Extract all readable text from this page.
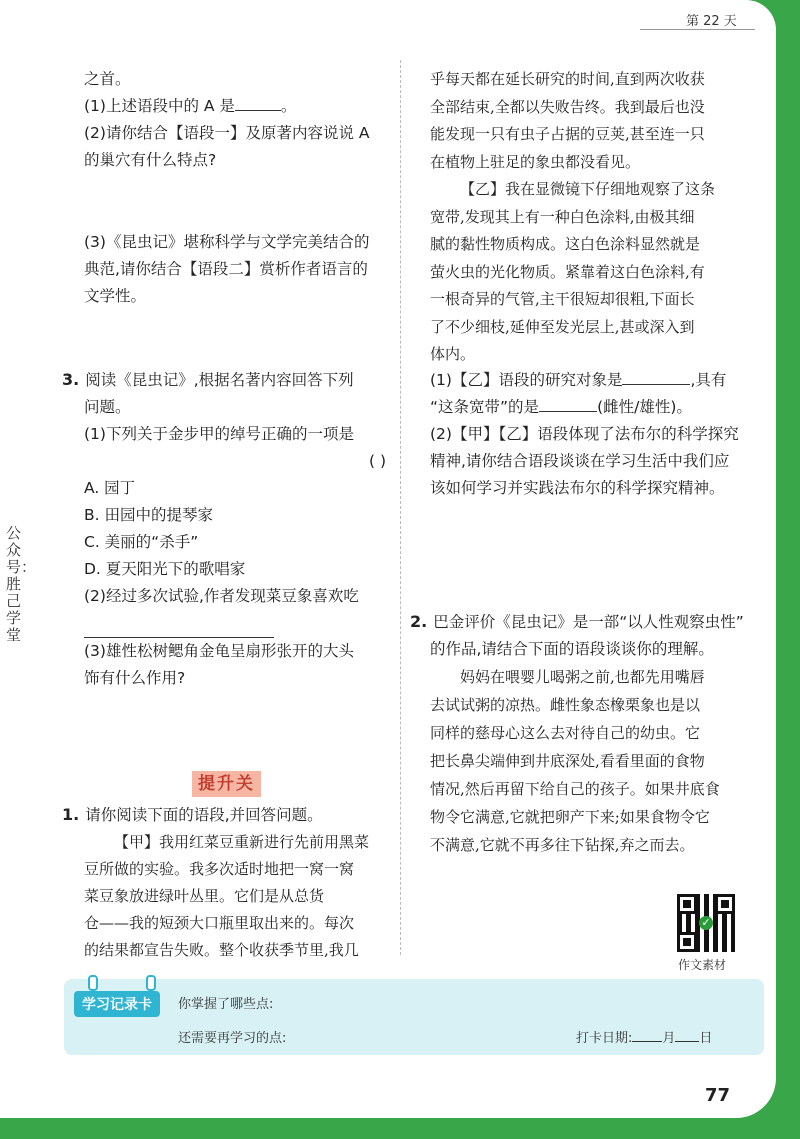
第 22 天

之首。

(1)上述语段中的 A 是	。

(2)请你结合【语段一】及原著内容说说 A

的巢穴有什么特点?

(3)《昆虫记》堪称科学与文学完美结合的

典范,请你结合【语段二】赏析作者语言的

文学性。

3. 阅读《昆虫记》,根据名著内容回答下列

问题。

(1)下列关于金步甲的绰号正确的一项是

( )

A. 园丁

B. 田园中的提琴家

C. 美丽的“杀手”

D. 夏天阳光下的歌唱家

(2)经过多次试验,作者发现菜豆象喜欢吃

(3)雄性松树鳃角金龟呈扇形张开的大头

饰有什么作用?

提升关

1. 请你阅读下面的语段,并回答问题。

【甲】我用红菜豆重新进行先前用黑菜

豆所做的实验。我多次适时地把一窝一窝

菜豆象放进绿叶丛里。它们是从总货

仓——我的短颈大口瓶里取出来的。每次

的结果都宣告失败。整个收获季节里,我几

乎每天都在延长研究的时间,直到两次收获

全部结束,全都以失败告终。我到最后也没

能发现一只有虫子占据的豆荚,甚至连一只

在植物上驻足的象虫都没看见。

【乙】我在显微镜下仔细地观察了这条

宽带,发现其上有一种白色涂料,由极其细

腻的黏性物质构成。这白色涂料显然就是

萤火虫的光化物质。紧靠着这白色涂料,有

一根奇异的气管,主干很短却很粗,下面长

了不少细枝,延伸至发光层上,甚或深入到

体内。

(1)【乙】语段的研究对象是	,具有

“这条宽带”的是	(雌性/雄性)。

(2)【甲】【乙】语段体现了法布尔的科学探究

精神,请你结合语段谈谈在学习生活中我们应

该如何学习并实践法布尔的科学探究精神。

2. 巴金评价《昆虫记》是一部“以人性观察虫性”

的作品,请结合下面的语段谈谈你的理解。

妈妈在喂婴儿喝粥之前,也都先用嘴唇

去试试粥的凉热。雌性象态橡栗象也是以

同样的慈母心这么去对待自己的幼虫。它

把长鼻尖端伸到井底深处,看看里面的食物

情况,然后再留下给自己的孩子。如果井底食

物令它满意,它就把卵产下来;如果食物令它

不满意,它就不再多往下钻探,弃之而去。

✓
作文素材
学习记录卡	你掌握了哪些点:
还需要再学习的点:	打卡日期: 月 日
77
公众号：胜己学堂
